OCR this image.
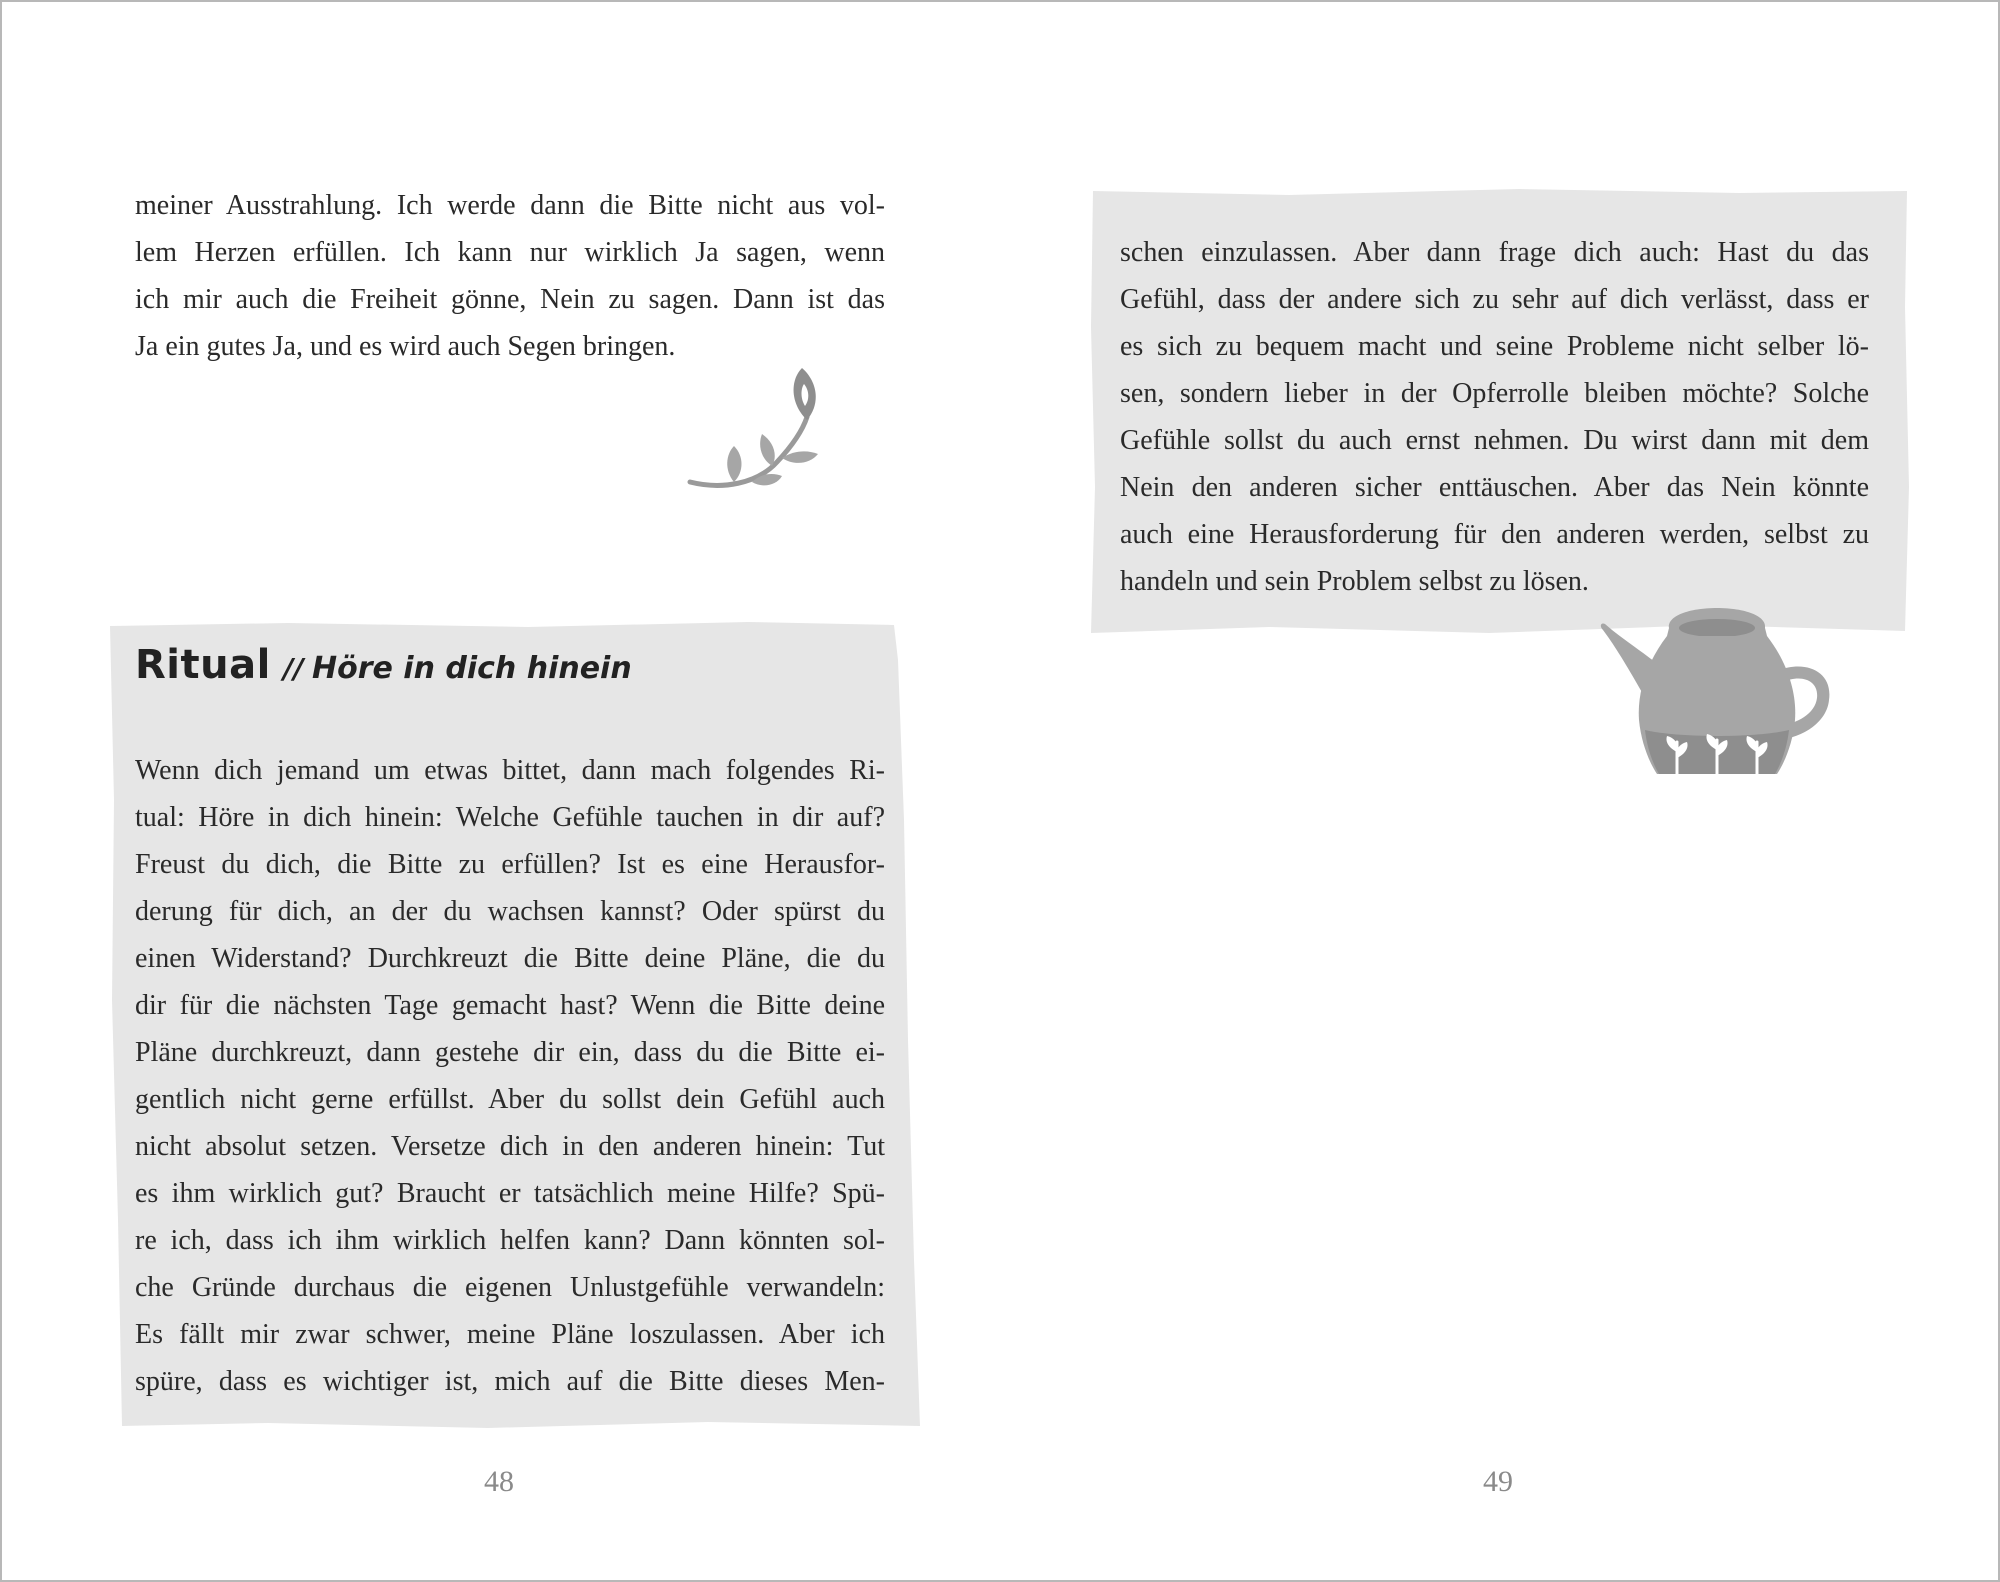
meiner Ausstrahlung. Ich werde dann die Bitte nicht aus vol-
lem Herzen erfüllen. Ich kann nur wirklich Ja sagen, wenn
ich mir auch die Freiheit gönne, Nein zu sagen. Dann ist das
Ja ein gutes Ja, und es wird auch Segen bringen.
Ritual // Höre in dich hinein
Wenn dich jemand um etwas bittet, dann mach folgendes Ri-
tual: Höre in dich hinein: Welche Gefühle tauchen in dir auf?
Freust du dich, die Bitte zu erfüllen? Ist es eine Herausfor-
derung für dich, an der du wachsen kannst? Oder spürst du
einen Widerstand? Durchkreuzt die Bitte deine Pläne, die du
dir für die nächsten Tage gemacht hast? Wenn die Bitte deine
Pläne durchkreuzt, dann gestehe dir ein, dass du die Bitte ei-
gentlich nicht gerne erfüllst. Aber du sollst dein Gefühl auch
nicht absolut setzen. Versetze dich in den anderen hinein: Tut
es ihm wirklich gut? Braucht er tatsächlich meine Hilfe? Spü-
re ich, dass ich ihm wirklich helfen kann? Dann könnten sol-
che Gründe durchaus die eigenen Unlustgefühle verwandeln:
Es fällt mir zwar schwer, meine Pläne loszulassen. Aber ich
spüre, dass es wichtiger ist, mich auf die Bitte dieses Men-

48

schen einzulassen. Aber dann frage dich auch: Hast du das
Gefühl, dass der andere sich zu sehr auf dich verlässt, dass er
es sich zu bequem macht und seine Probleme nicht selber lö-
sen, sondern lieber in der Opferrolle bleiben möchte? Solche
Gefühle sollst du auch ernst nehmen. Du wirst dann mit dem
Nein den anderen sicher enttäuschen. Aber das Nein könnte
auch eine Herausforderung für den anderen werden, selbst zu
handeln und sein Problem selbst zu lösen.

49
